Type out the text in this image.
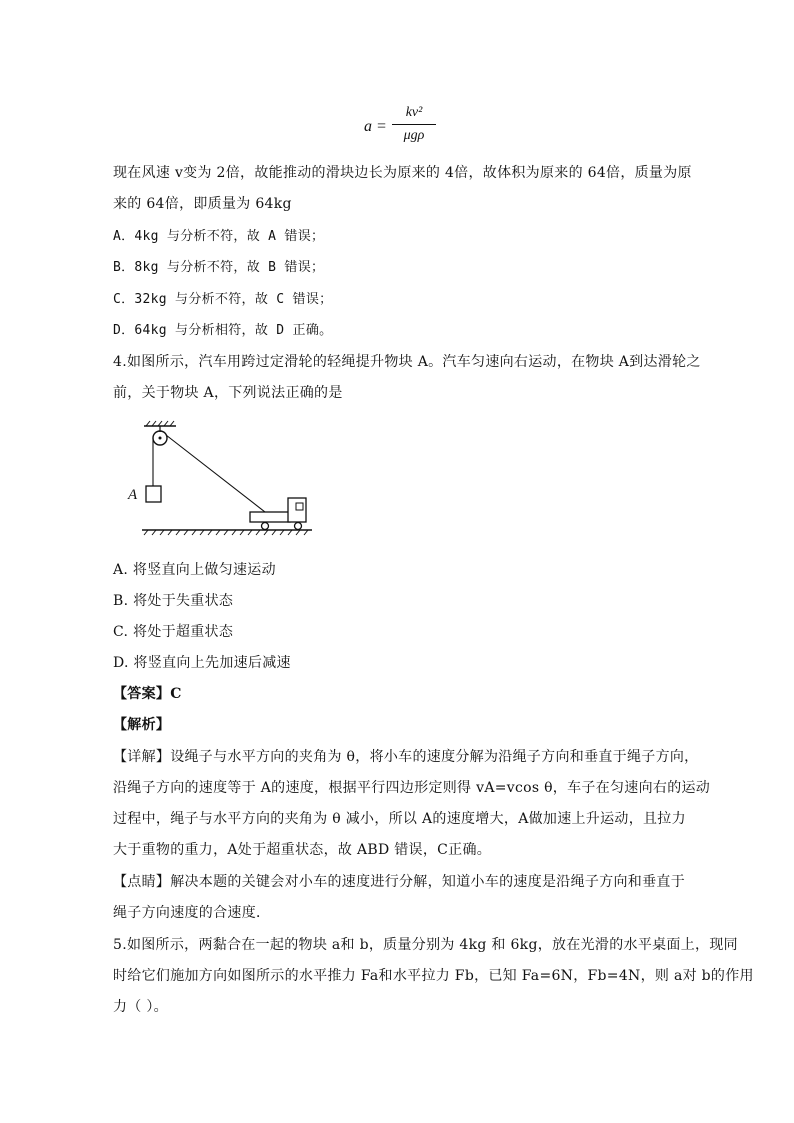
a =
kv²
μgρ
现在风速 v变为 2倍，故能推动的滑块边长为原来的 4倍，故体积为原来的 64倍，质量为原
来的 64倍，即质量为 64kg
A．4kg 与分析不符，故 A 错误；
B．8kg 与分析不符，故 B 错误；
C．32kg 与分析不符，故 C 错误；
D．64kg 与分析相符，故 D 正确。
4.如图所示，汽车用跨过定滑轮的轻绳提升物块 A。汽车匀速向右运动，在物块 A到达滑轮之
前，关于物块 A，下列说法正确的是
A
A. 将竖直向上做匀速运动
B. 将处于失重状态
C. 将处于超重状态
D. 将竖直向上先加速后减速
【答案】C
【解析】
【详解】设绳子与水平方向的夹角为 θ，将小车的速度分解为沿绳子方向和垂直于绳子方向，
沿绳子方向的速度等于 A的速度，根据平行四边形定则得 vA=vcos θ，车子在匀速向右的运动
过程中，绳子与水平方向的夹角为 θ 减小，所以 A的速度增大，A做加速上升运动，且拉力
大于重物的重力，A处于超重状态，故 ABD 错误，C正确。
【点睛】解决本题的关键会对小车的速度进行分解，知道小车的速度是沿绳子方向和垂直于
绳子方向速度的合速度．
5.如图所示，两黏合在一起的物块 a和 b，质量分别为 4kg 和 6kg，放在光滑的水平桌面上，现同
时给它们施加方向如图所示的水平推力 Fa和水平拉力 Fb，已知 Fa=6N，Fb=4N，则 a对 b的作用
力（ ）。
